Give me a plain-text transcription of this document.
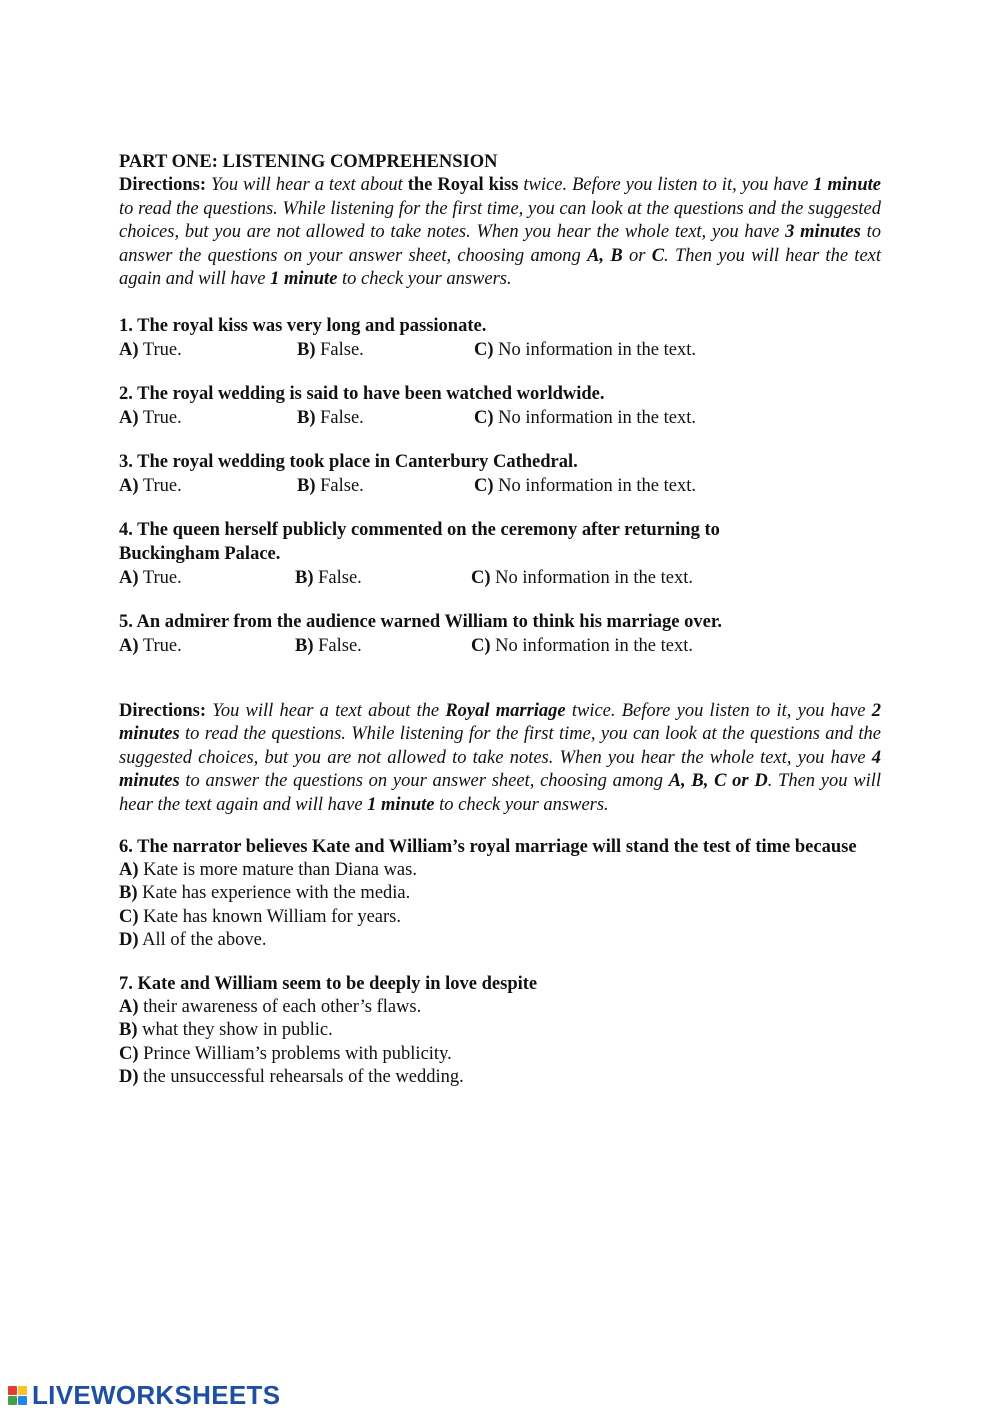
PART ONE: LISTENING COMPREHENSION
Directions: You will hear a text about the Royal kiss twice. Before you listen to it, you have 1 minute to read the questions. While listening for the first time, you can look at the questions and the suggested choices, but you are not allowed to take notes. When you hear the whole text, you have 3 minutes to answer the questions on your answer sheet, choosing among A, B or C. Then you will hear the text again and will have 1 minute to check your answers.
1. The royal kiss was very long and passionate.
A) True.	B) False.	C) No information in the text.
2. The royal wedding is said to have been watched worldwide.
A) True.	B) False.	C) No information in the text.
3. The royal wedding took place in Canterbury Cathedral.
A) True.	B) False.	C) No information in the text.
4. The queen herself publicly commented on the ceremony after returning to Buckingham Palace.
A) True.	B) False.	C) No information in the text.
5. An admirer from the audience warned William to think his marriage over.
A) True.	B) False.	C) No information in the text.
Directions: You will hear a text about the Royal marriage twice. Before you listen to it, you have 2 minutes to read the questions. While listening for the first time, you can look at the questions and the suggested choices, but you are not allowed to take notes. When you hear the whole text, you have 4 minutes to answer the questions on your answer sheet, choosing among A, B, C or D. Then you will hear the text again and will have 1 minute to check your answers.
6. The narrator believes Kate and William’s royal marriage will stand the test of time because
A) Kate is more mature than Diana was.
B) Kate has experience with the media.
C) Kate has known William for years.
D) All of the above.
7. Kate and William seem to be deeply in love despite
A) their awareness of each other’s flaws.
B) what they show in public.
C) Prince William’s problems with publicity.
D) the unsuccessful rehearsals of the wedding.
LIVEWORKSHEETS
